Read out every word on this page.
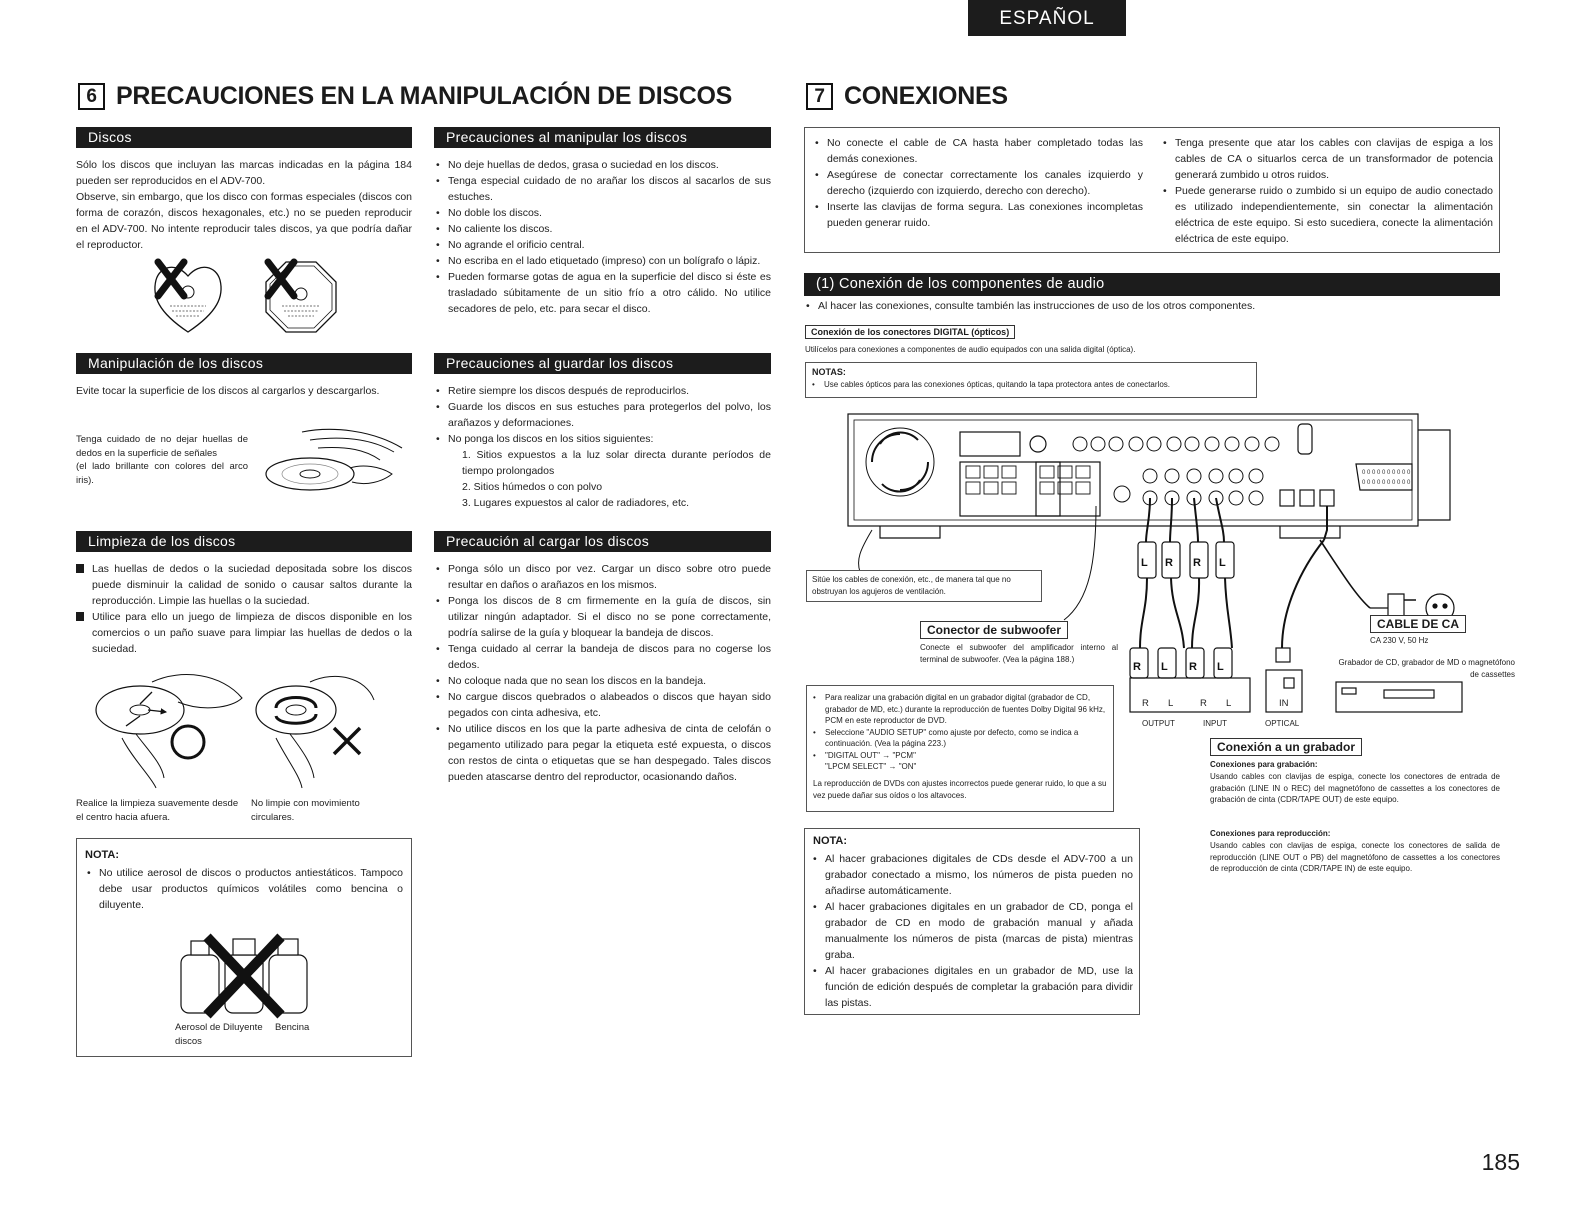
ESPAÑOL
6 PRECAUCIONES EN LA MANIPULACIÓN DE DISCOS	7 CONEXIONES
Discos
Sólo los discos que incluyan las marcas indicadas en la página 184 pueden ser reproducidos en el ADV-700.
Observe, sin embargo, que los disco con formas especiales (discos con forma de corazón, discos hexagonales, etc.) no se pueden reproducir en el ADV-700. No intente reproducir tales discos, ya que podría dañar el reproductor.
Manipulación de los discos
Evite tocar la superficie de los discos al cargarlos y descargarlos.
Tenga cuidado de no dejar huellas de dedos en la superficie de señales
(el lado brillante con colores del arco iris).
Limpieza de los discos
Las huellas de dedos o la suciedad depositada sobre los discos puede disminuir la calidad de sonido o causar saltos durante la reproducción. Limpie las huellas o la suciedad.
Utilice para ello un juego de limpieza de discos disponible en los comercios o un paño suave para limpiar las huellas de dedos o la suciedad.
Realice la limpieza suavemente desde el centro hacia afuera.
No limpie con movimiento circulares.
NOTA:
• No utilice aerosol de discos o productos antiestáticos. Tampoco debe usar productos químicos volátiles como bencina o diluyente.
Aerosol de discos
Diluyente Bencina
Precauciones al manipular los discos
• No deje huellas de dedos, grasa o suciedad en los discos.
• Tenga especial cuidado de no arañar los discos al sacarlos de sus estuches.
• No doble los discos.
• No caliente los discos.
• No agrande el orificio central.
• No escriba en el lado etiquetado (impreso) con un bolígrafo o lápiz.
• Pueden formarse gotas de agua en la superficie del disco si éste es trasladado súbitamente de un sitio frío a otro cálido. No utilice secadores de pelo, etc. para secar el disco.
Precauciones al guardar los discos
• Retire siempre los discos después de reproducirlos.
• Guarde los discos en sus estuches para protegerlos del polvo, los arañazos y deformaciones.
• No ponga los discos en los sitios siguientes:
1. Sitios expuestos a la luz solar directa durante períodos de tiempo prolongados
2. Sitios húmedos o con polvo
3. Lugares expuestos al calor de radiadores, etc.
Precaución al cargar los discos
• Ponga sólo un disco por vez. Cargar un disco sobre otro puede resultar en daños o arañazos en los mismos.
• Ponga los discos de 8 cm firmemente en la guía de discos, sin utilizar ningún adaptador. Si el disco no se pone correctamente, podría salirse de la guía y bloquear la bandeja de discos.
• Tenga cuidado al cerrar la bandeja de discos para no cogerse los dedos.
• No coloque nada que no sean los discos en la bandeja.
• No cargue discos quebrados o alabeados o discos que hayan sido pegados con cinta adhesiva, etc.
• No utilice discos en los que la parte adhesiva de cinta de celofán o pegamento utilizado para pegar la etiqueta esté expuesta, o discos con restos de cinta o etiquetas que se han despegado. Tales discos pueden atascarse dentro del reproductor, ocasionando daños.
• No conecte el cable de CA hasta haber completado todas las demás conexiones.
• Asegúrese de conectar correctamente los canales izquierdo y derecho (izquierdo con izquierdo, derecho con derecho).
• Inserte las clavijas de forma segura. Las conexiones incompletas pueden generar ruido.
• Tenga presente que atar los cables con clavijas de espiga a los cables de CA o situarlos cerca de un transformador de potencia generará zumbido u otros ruidos.
• Puede generarse ruido o zumbido si un equipo de audio conectado es utilizado independientemente, sin conectar la alimentación eléctrica de este equipo. Si esto sucediera, conecte la alimentación eléctrica de este equipo.
(1) Conexión de los componentes de audio
• Al hacer las conexiones, consulte también las instrucciones de uso de los otros componentes.
Conexión de los conectores DIGITAL (ópticos)
Utilícelos para conexiones a componentes de audio equipados con una salida digital (óptica).
NOTAS:
• Use cables ópticos para las conexiones ópticas, quitando la tapa protectora antes de conectarlos.
L R R L
R L R L
0 0 0 0 0 0 0 0 0 0
0 0 0 0 0 0 0 0 0 0
R L	R L	IN
OUTPUT	INPUT	OPTICAL
Sitúe los cables de conexión, etc., de manera tal que no obstruyan los agujeros de ventilación.
Conector de subwoofer
Conecte el subwoofer del amplificador interno al terminal de subwoofer. (Vea la página 188.)
CABLE DE CA
CA 230 V, 50 Hz
Grabador de CD, grabador de MD o magnetófono de cassettes
• Para realizar una grabación digital en un grabador digital (grabador de CD, grabador de MD, etc.) durante la reproducción de fuentes Dolby Digital 96 kHz, PCM en este reproductor de DVD.
• Seleccione "AUDIO SETUP" como ajuste por defecto, como se indica a continuación. (Vea la página 223.)
• "DIGITAL OUT" → "PCM"
"LPCM SELECT" → "ON"
La reproducción de DVDs con ajustes incorrectos puede generar ruido, lo que a su vez puede dañar sus oídos o los altavoces.
Conexión a un grabador
Conexiones para grabación:
Usando cables con clavijas de espiga, conecte los conectores de entrada de grabación (LINE IN o REC) del magnetófono de cassettes a los conectores de grabación de cinta (CDR/TAPE OUT) de este equipo.
Conexiones para reproducción:
Usando cables con clavijas de espiga, conecte los conectores de salida de reproducción (LINE OUT o PB) del magnetófono de cassettes a los conectores de reproducción de cinta (CDR/TAPE IN) de este equipo.
NOTA:
• Al hacer grabaciones digitales de CDs desde el ADV-700 a un grabador conectado a mismo, los números de pista pueden no añadirse automáticamente.
• Al hacer grabaciones digitales en un grabador de CD, ponga el grabador de CD en modo de grabación manual y añada manualmente los números de pista (marcas de pista) mientras graba.
• Al hacer grabaciones digitales en un grabador de MD, use la función de edición después de completar la grabación para dividir las pistas.
185
